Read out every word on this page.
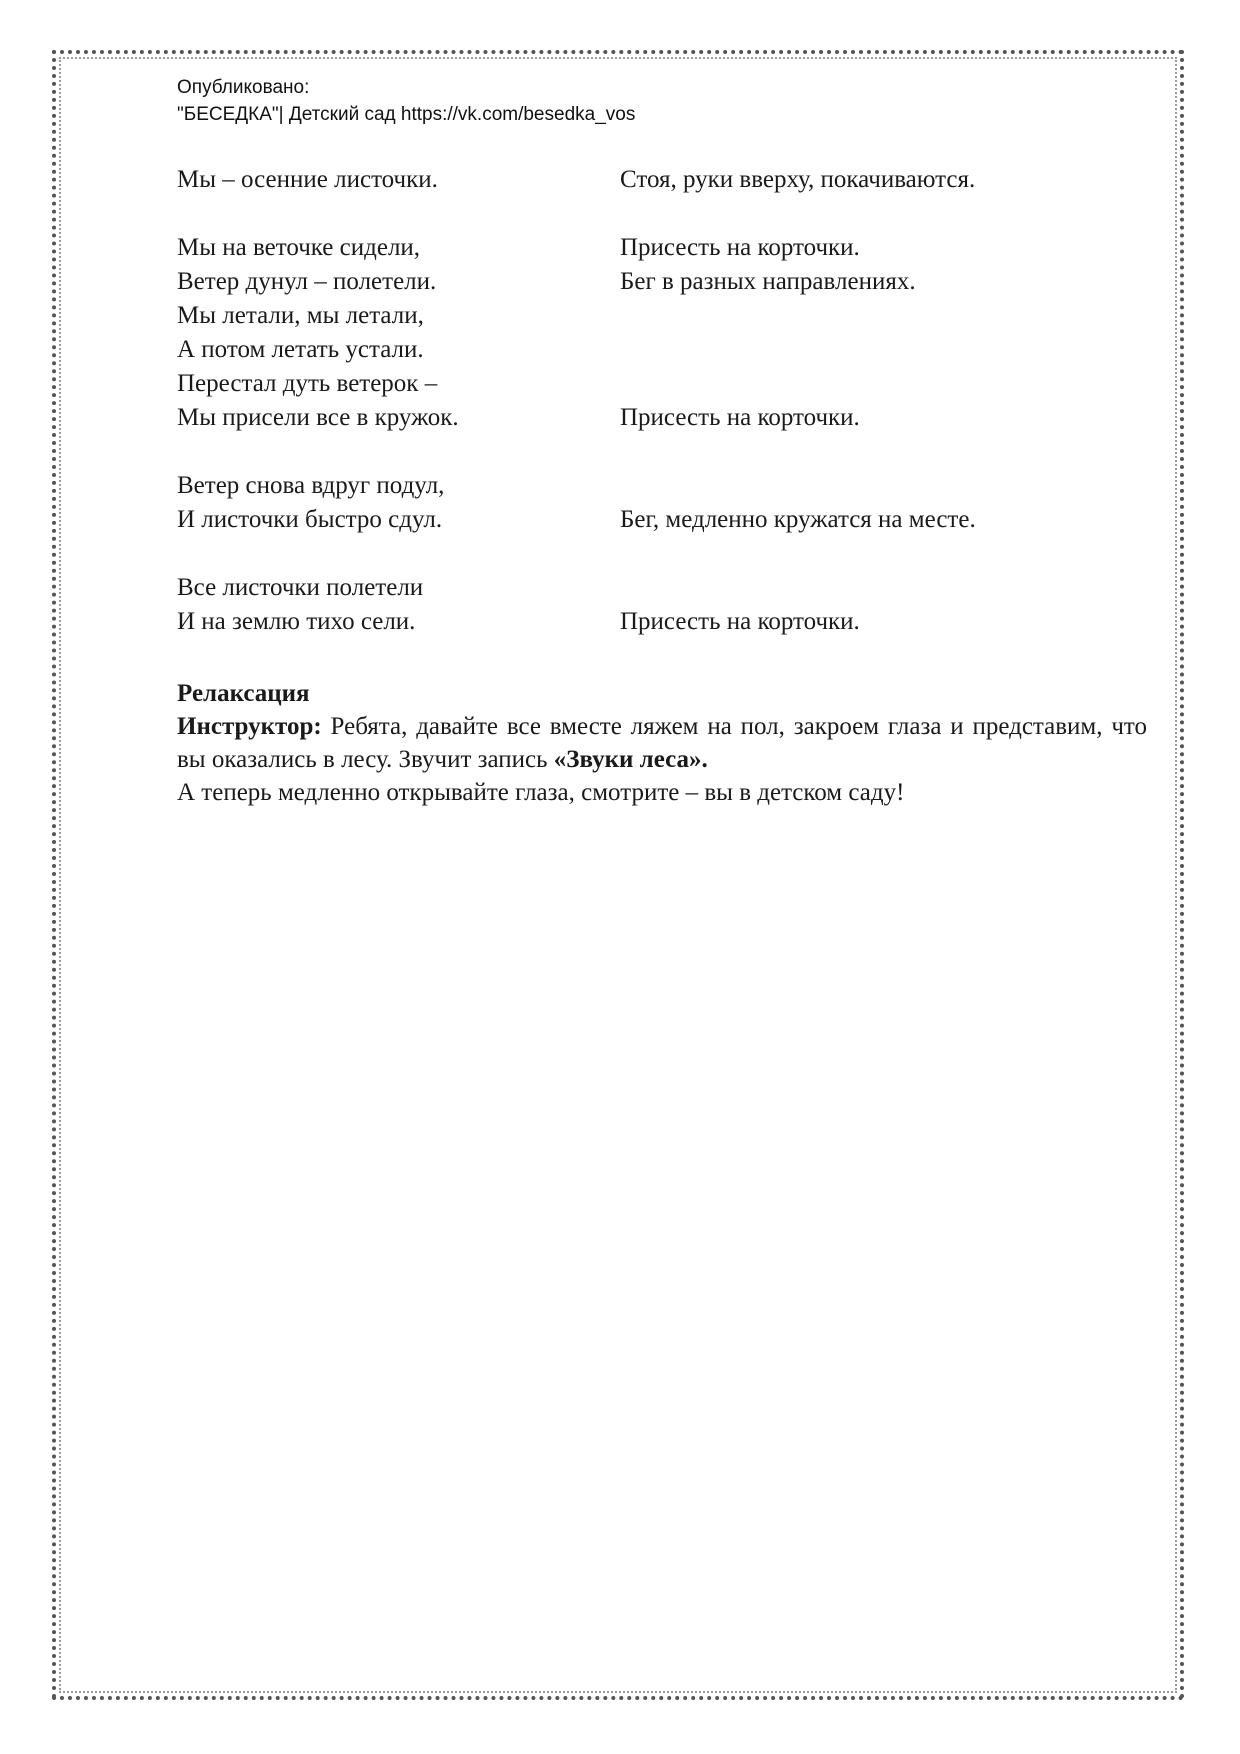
Опубликовано:
"БЕСЕДКА"| Детский сад https://vk.com/besedka_vos
Мы – осенние листочки.	Стоя, руки вверху, покачиваются.
Мы на веточке сидели,	Присесть на корточки.
Ветер дунул – полетели.	Бег в разных направлениях.
Мы летали, мы летали,
А потом летать устали.
Перестал дуть ветерок –
Мы присели все в кружок.	Присесть на корточки.
Ветер снова вдруг подул,
И листочки быстро сдул.	Бег, медленно кружатся на месте.
Все листочки полетели
И на землю тихо сели.	Присесть на корточки.
Релаксация
Инструктор: Ребята, давайте все вместе ляжем на пол, закроем глаза и представим, что вы оказались в лесу. Звучит запись «Звуки леса».
А теперь медленно открывайте глаза, смотрите – вы в детском саду!
